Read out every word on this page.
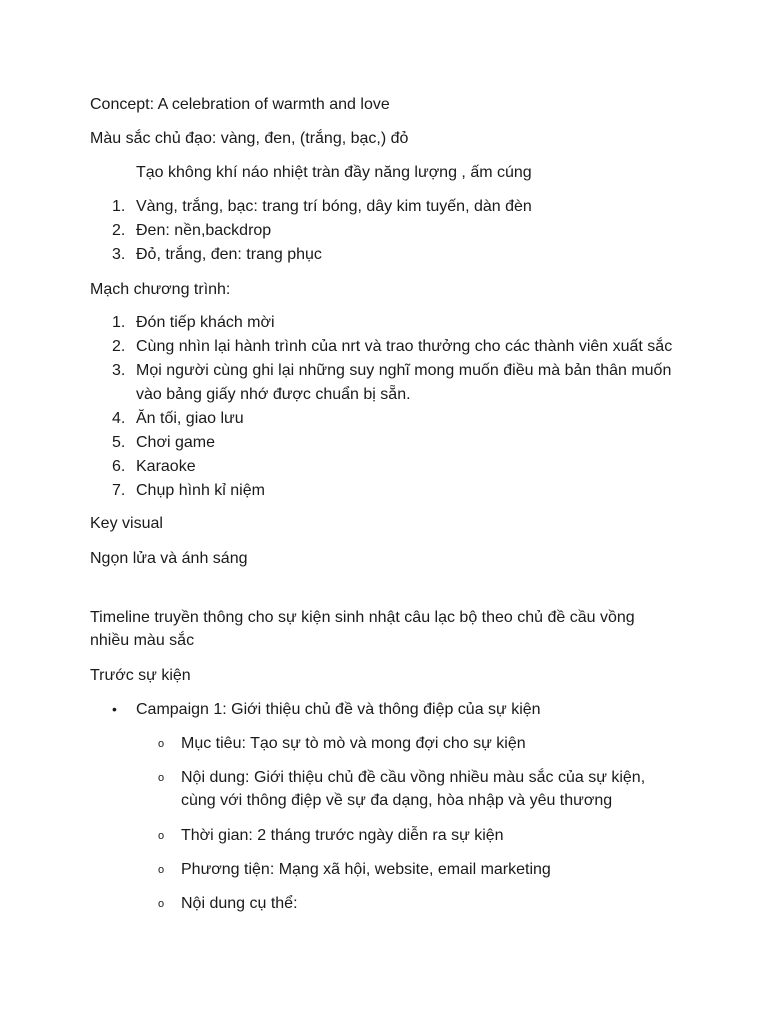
Concept: A celebration of warmth and love
Màu sắc chủ đạo: vàng, đen, (trắng, bạc,) đỏ
Tạo không khí náo nhiệt tràn đầy năng lượng , ấm cúng
1. Vàng, trắng, bạc: trang trí bóng, dây kim tuyến, dàn đèn
2. Đen: nền,backdrop
3. Đỏ, trắng, đen: trang phục
Mạch chương trình:
1. Đón tiếp khách mời
2. Cùng nhìn lại hành trình của nrt và trao thưởng cho các thành viên xuất sắc
3. Mọi người cùng ghi lại những suy nghĩ mong muốn điều mà bản thân muốn vào bảng giấy nhớ được chuẩn bị sẵn.
4. Ăn tối, giao lưu
5. Chơi game
6. Karaoke
7. Chụp hình kỉ niệm
Key visual
Ngọn lửa và ánh sáng
Timeline truyền thông cho sự kiện sinh nhật câu lạc bộ theo chủ đề cầu vồng
nhiều màu sắc
Trước sự kiện
• Campaign 1: Giới thiệu chủ đề và thông điệp của sự kiện
o	Mục tiêu: Tạo sự tò mò và mong đợi cho sự kiện
o	Nội dung: Giới thiệu chủ đề cầu vồng nhiều màu sắc của sự kiện, cùng với thông điệp về sự đa dạng, hòa nhập và yêu thương
o	Thời gian: 2 tháng trước ngày diễn ra sự kiện
o	Phương tiện: Mạng xã hội, website, email marketing
o	Nội dung cụ thể:
